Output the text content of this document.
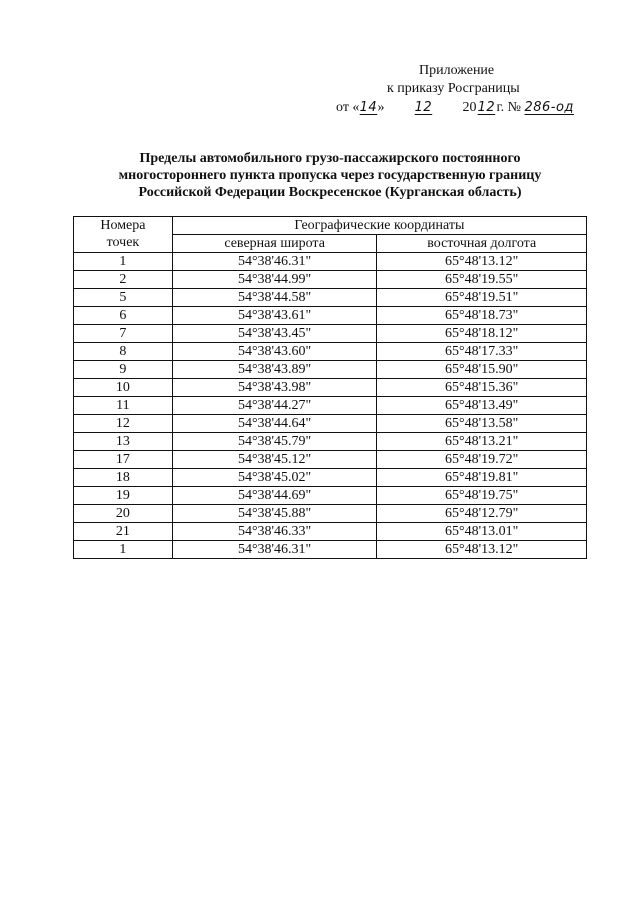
Приложение
к приказу Росграницы
от «14» 12 2012г. № 286-од
Пределы автомобильного грузо-пассажирского постоянного
многостороннего пункта пропуска через государственную границу
Российской Федерации Воскресенское (Курганская область)
Номера
точек	Географические координаты	
	северная широта	восточная долгота
1	54°38'46.31"	65°48'13.12"
2	54°38'44.99"	65°48'19.55"
5	54°38'44.58"	65°48'19.51"
6	54°38'43.61"	65°48'18.73"
7	54°38'43.45"	65°48'18.12"
8	54°38'43.60"	65°48'17.33"
9	54°38'43.89"	65°48'15.90"
10	54°38'43.98"	65°48'15.36"
11	54°38'44.27"	65°48'13.49"
12	54°38'44.64"	65°48'13.58"
13	54°38'45.79"	65°48'13.21"
17	54°38'45.12"	65°48'19.72"
18	54°38'45.02"	65°48'19.81"
19	54°38'44.69"	65°48'19.75"
20	54°38'45.88"	65°48'12.79"
21	54°38'46.33"	65°48'13.01"
1	54°38'46.31"	65°48'13.12"
